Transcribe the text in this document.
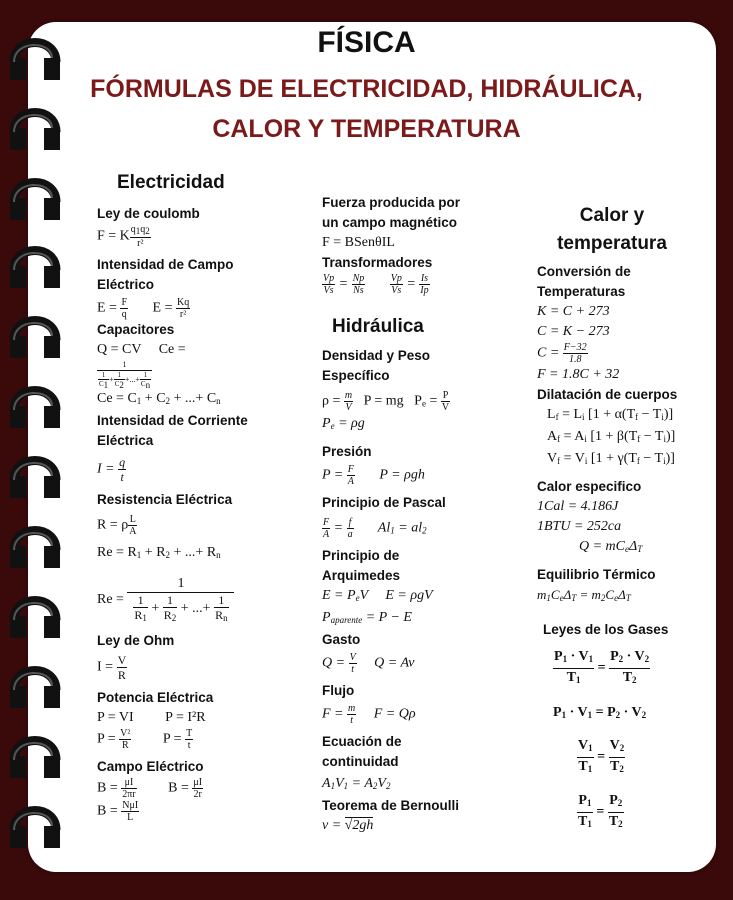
FÍSICA
FÓRMULAS DE ELECTRICIDAD, HIDRÁULICA,
CALOR Y TEMPERATURA
Electricidad
Ley de coulomb
F = K $\frac{q1q2}{\text{r²}}$
Intensidad de Campo Eléctrico
$E = \frac{F}{q}$ $E = \frac{Kq}{\text{r²}}$
Capacitores
Q = CV     Ce =
$\frac{1}{\frac{1}{C1} + \frac{1}{C2} +...+ \frac{1}{Cn}}$
$Ce = C_1 + C_2$ + ...+ $C_n$
Intensidad de Corriente Eléctrica
$I = \frac{q}{t}$
Resistencia Eléctrica
R = ρ $\frac{L}{A}$
$Re = R_1 + R_2$ + ...+ $R_n$
$Re = \frac{1}{\frac{1}{R_1} + \frac{1}{R_2} + ...+ \frac{1}{R_n}}$
Ley de Ohm
$I = \frac{V}{R}$
Potencia Eléctrica
P = VI         P = I²R
$P = \frac{\text{V²}}{R}$ $P = \frac{T}{t}$
Campo Eléctrico
$B = \frac{\mu I}{2\pi r}$ $B = \frac{\mu I}{2r}$
$B = \frac{\text{NμI}}{L}$
Fuerza producida por un campo magnético
F = BSenθIL
Transformadores
$\frac{Vp}{Vs} = \frac{Np}{Ns}$
$\frac{Vp}{Vs} = \frac{Is}{Ip}$
Hidráulica
Densidad y Peso Específico
$\rho = \frac{m}{V}$ P = mg   $P_e = \frac{P}{V}$
$P_e = \rho g$
Presión
$P = \frac{F}{A}$ P = ρgh
Principio de Pascal
$\frac{F}{A} = \frac{f}{a} Al_1 = al_2$
Principio de Arquimedes
$E = P_eV$     E = ρgV
$P_{aparente} = P - E$
Gasto
$Q = \frac{V}{t}$ Q = Av
Flujo
$F = \frac{m}{t}$ F = Qρ
Ecuación de continuidad
$A_1V_1 = A_2V_2$
Teorema de Bernoulli
v = √2gh
Calor y temperatura
Conversión de Temperaturas
K = C + 273
C = K − 273
$C = \frac{F-32}{1.8}$
F = 1.8C + 32
Dilatación de cuerpos
$L_f = L_i$ $[1 + \alpha(T_f - T_i)]$
$A_f = A_i$ $[1 + \beta(T_f - T_i)]$
$V_f = V_i$ $[1 + \gamma(T_f - T_i)]$
Calor especifico
1Cal = 4.186J
1BTU = 252ca
$Q = mC_e\Delta_T$
Equilibrio Térmico
$m_1C_e\Delta_T = m_2C_e\Delta_T$
Leyes de los Gases
$\frac{P_1 \cdot V_1}{T_1} = \frac{P_2 \cdot V_2}{T_2}$
$P_1 \cdot V_1 = P_2 \cdot V_2$
$\frac{V_1}{T_1} = \frac{V_2}{T_2}$
$\frac{P_1}{T_1} = \frac{P_2}{T_2}$
